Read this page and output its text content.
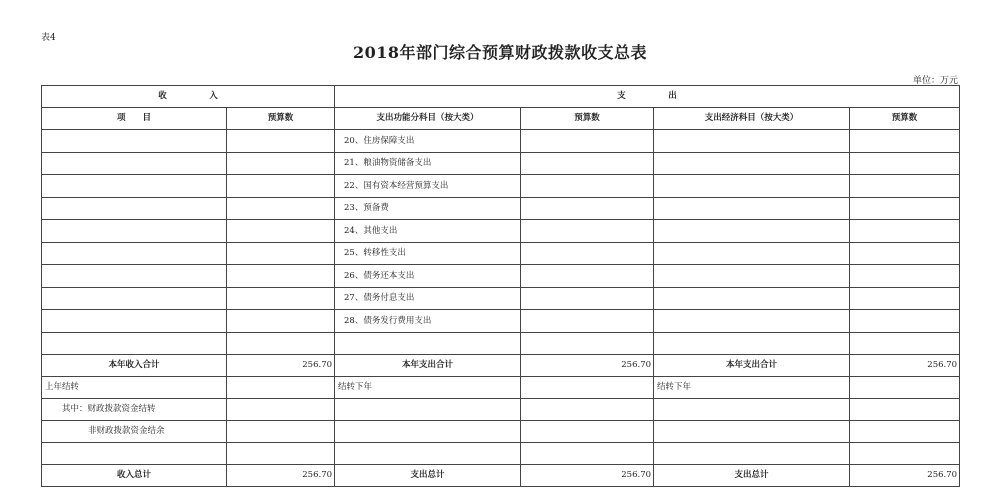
表4
2018年部门综合预算财政拨款收支总表
单位：万元
收　　　　　入		支　　　　　出			
项　　目	预算数	支出功能分科目（按大类）	预算数	支出经济科目（按大类）	预算数
		20、住房保障支出			
		21、粮油物资储备支出			
		22、国有资本经营预算支出			
		23、预备费			
		24、其他支出			
		25、转移性支出			
		26、债务还本支出			
		27、债务付息支出			
		28、债务发行费用支出			

本年收入合计	256.70	本年支出合计	256.70	本年支出合计	256.70
上年结转		结转下年		结转下年	
其中：财政拨款资金结转					
非财政拨款资金结余					

收入总计	256.70	支出总计	256.70	支出总计	256.70
